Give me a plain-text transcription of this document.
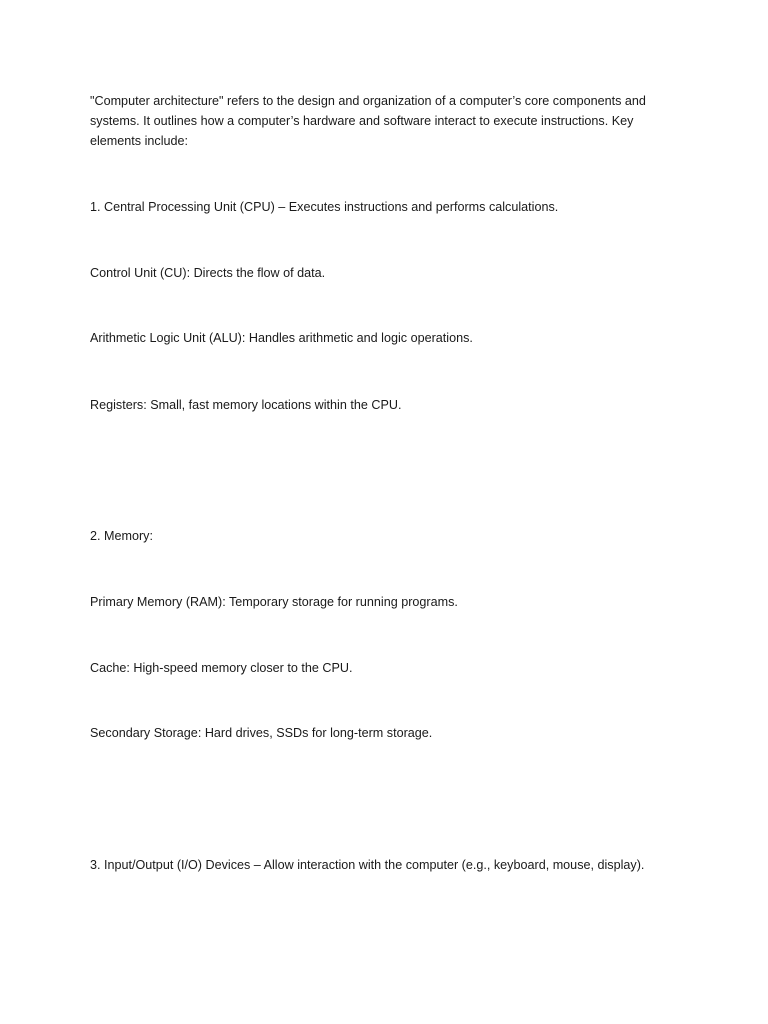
"Computer architecture" refers to the design and organization of a computer’s core components and systems. It outlines how a computer’s hardware and software interact to execute instructions. Key elements include:

1. Central Processing Unit (CPU) – Executes instructions and performs calculations.

Control Unit (CU): Directs the flow of data.

Arithmetic Logic Unit (ALU): Handles arithmetic and logic operations.

Registers: Small, fast memory locations within the CPU.

2. Memory:

Primary Memory (RAM): Temporary storage for running programs.

Cache: High-speed memory closer to the CPU.

Secondary Storage: Hard drives, SSDs for long-term storage.

3. Input/Output (I/O) Devices – Allow interaction with the computer (e.g., keyboard, mouse, display).
